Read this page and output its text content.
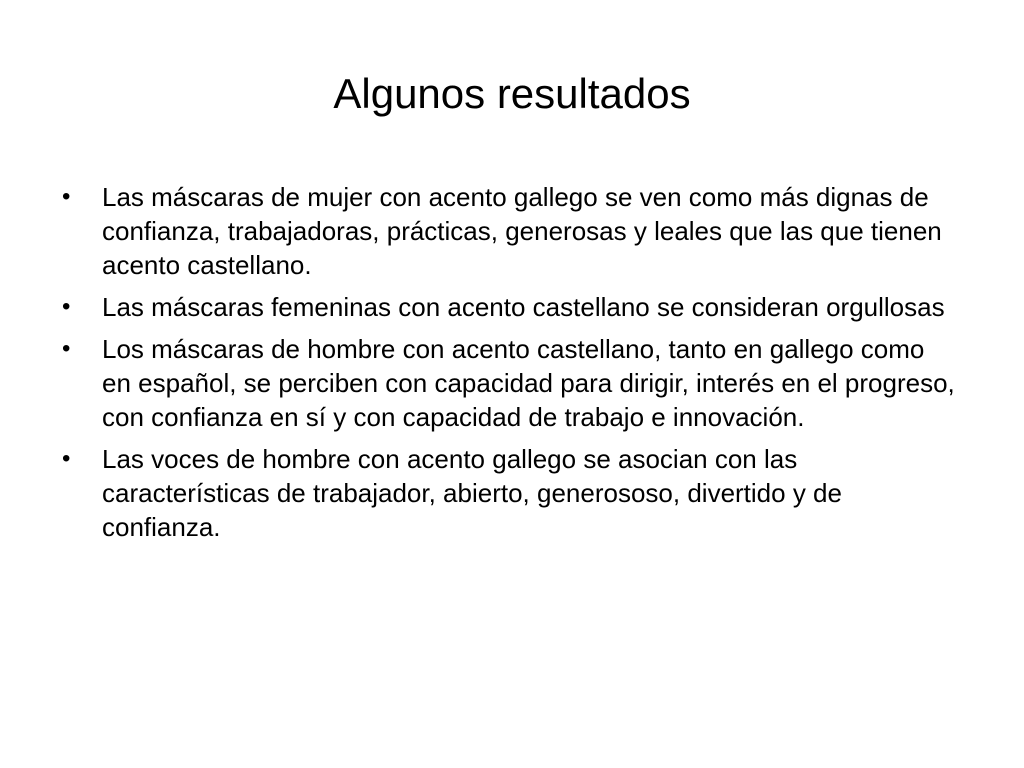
Algunos resultados
•	Las máscaras de mujer con acento gallego se ven como más dignas de confianza, trabajadoras, prácticas, generosas y leales que las que tienen acento castellano.
•	Las máscaras femeninas con acento castellano se consideran orgullosas
•	Los máscaras de hombre con acento castellano, tanto en gallego como en español, se perciben con capacidad para dirigir, interés en el progreso, con confianza en sí y con capacidad de trabajo e innovación.
•	Las voces de hombre con acento gallego se asocian con las características de trabajador, abierto, generososo, divertido y de confianza.
